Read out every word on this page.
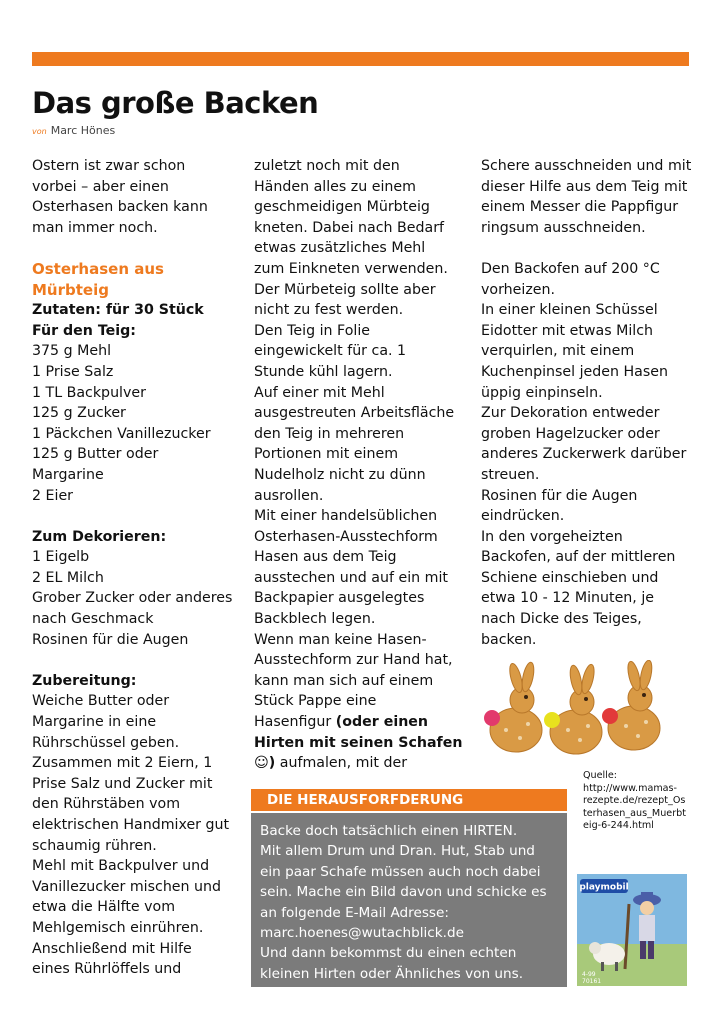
Das große Backen
von Marc Hönes
Ostern ist zwar schon
vorbei – aber einen
Osterhasen backen kann
man immer noch.
Osterhasen aus
Mürbteig
Zutaten: für 30 Stück
Für den Teig:
375 g Mehl
1 Prise Salz
1 TL Backpulver
125 g Zucker
1 Päckchen Vanillezucker
125 g Butter oder
Margarine
2 Eier
Zum Dekorieren:
1 Eigelb
2 EL Milch
Grober Zucker oder anderes
nach Geschmack
Rosinen für die Augen
Zubereitung:
Weiche Butter oder
Margarine in eine
Rührschüssel geben.
Zusammen mit 2 Eiern, 1
Prise Salz und Zucker mit
den Rührstäben vom
elektrischen Handmixer gut
schaumig rühren.
Mehl mit Backpulver und
Vanillezucker mischen und
etwa die Hälfte vom
Mehlgemisch einrühren.
Anschließend mit Hilfe
eines Rührlöffels und
zuletzt noch mit den
Händen alles zu einem
geschmeidigen Mürbteig
kneten. Dabei nach Bedarf
etwas zusätzliches Mehl
zum Einkneten verwenden.
Der Mürbeteig sollte aber
nicht zu fest werden.
Den Teig in Folie
eingewickelt für ca. 1
Stunde kühl lagern.
Auf einer mit Mehl
ausgestreuten Arbeitsfläche
den Teig in mehreren
Portionen mit einem
Nudelholz nicht zu dünn
ausrollen.
Mit einer handelsüblichen
Osterhasen-Ausstechform
Hasen aus dem Teig
ausstechen und auf ein mit
Backpapier ausgelegtes
Backblech legen.
Wenn man keine Hasen-
Ausstechform zur Hand hat,
kann man sich auf einem
Stück Pappe eine
Hasenfigur (oder einen
Hirten mit seinen Schafen
☺) aufmalen, mit der
Schere ausschneiden und mit
dieser Hilfe aus dem Teig mit
einem Messer die Pappfigur
ringsum ausschneiden.
Den Backofen auf 200 °C
vorheizen.
In einer kleinen Schüssel
Eidotter mit etwas Milch
verquirlen, mit einem
Kuchenpinsel jeden Hasen
üppig einpinseln.
Zur Dekoration entweder
groben Hagelzucker oder
anderes Zuckerwerk darüber
streuen.
Rosinen für die Augen
eindrücken.
In den vorgeheizten
Backofen, auf der mittleren
Schiene einschieben und
etwa 10 - 12 Minuten, je
nach Dicke des Teiges,
backen.
Quelle:
http://www.mamas-
rezepte.de/rezept_Os
terhasen_aus_Muerbt
eig-6-244.html
DIE HERAUSFORFDERUNG
Backe doch tatsächlich einen HIRTEN.
Mit allem Drum und Dran. Hut, Stab und
ein paar Schafe müssen auch noch dabei
sein. Mache ein Bild davon und schicke es
an folgende E-Mail Adresse:
marc.hoenes@wutachblick.de
Und dann bekommst du einen echten
kleinen Hirten oder Ähnliches von uns.
playmobil
4-99
70161
